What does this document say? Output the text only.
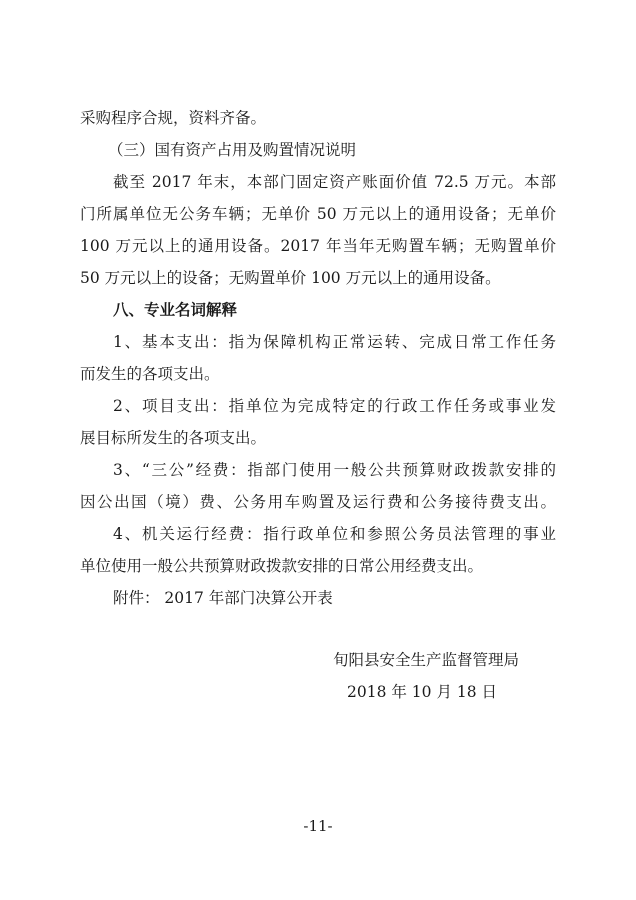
采购程序合规，资料齐备。
（三）国有资产占用及购置情况说明
截至 2017 年末，本部门固定资产账面价值 72.5 万元。本部
门所属单位无公务车辆；无单价 50 万元以上的通用设备；无单价
100 万元以上的通用设备。2017 年当年无购置车辆；无购置单价
50 万元以上的设备；无购置单价 100 万元以上的通用设备。
八、专业名词解释
1、基本支出：指为保障机构正常运转、完成日常工作任务
而发生的各项支出。
2、项目支出：指单位为完成特定的行政工作任务或事业发
展目标所发生的各项支出。
3、“三公”经费：指部门使用一般公共预算财政拨款安排的
因公出国（境）费、公务用车购置及运行费和公务接待费支出。
4、机关运行经费：指行政单位和参照公务员法管理的事业
单位使用一般公共预算财政拨款安排的日常公用经费支出。
附件： 2017 年部门决算公开表
旬阳县安全生产监督管理局
2018 年 10 月 18 日
-11-
